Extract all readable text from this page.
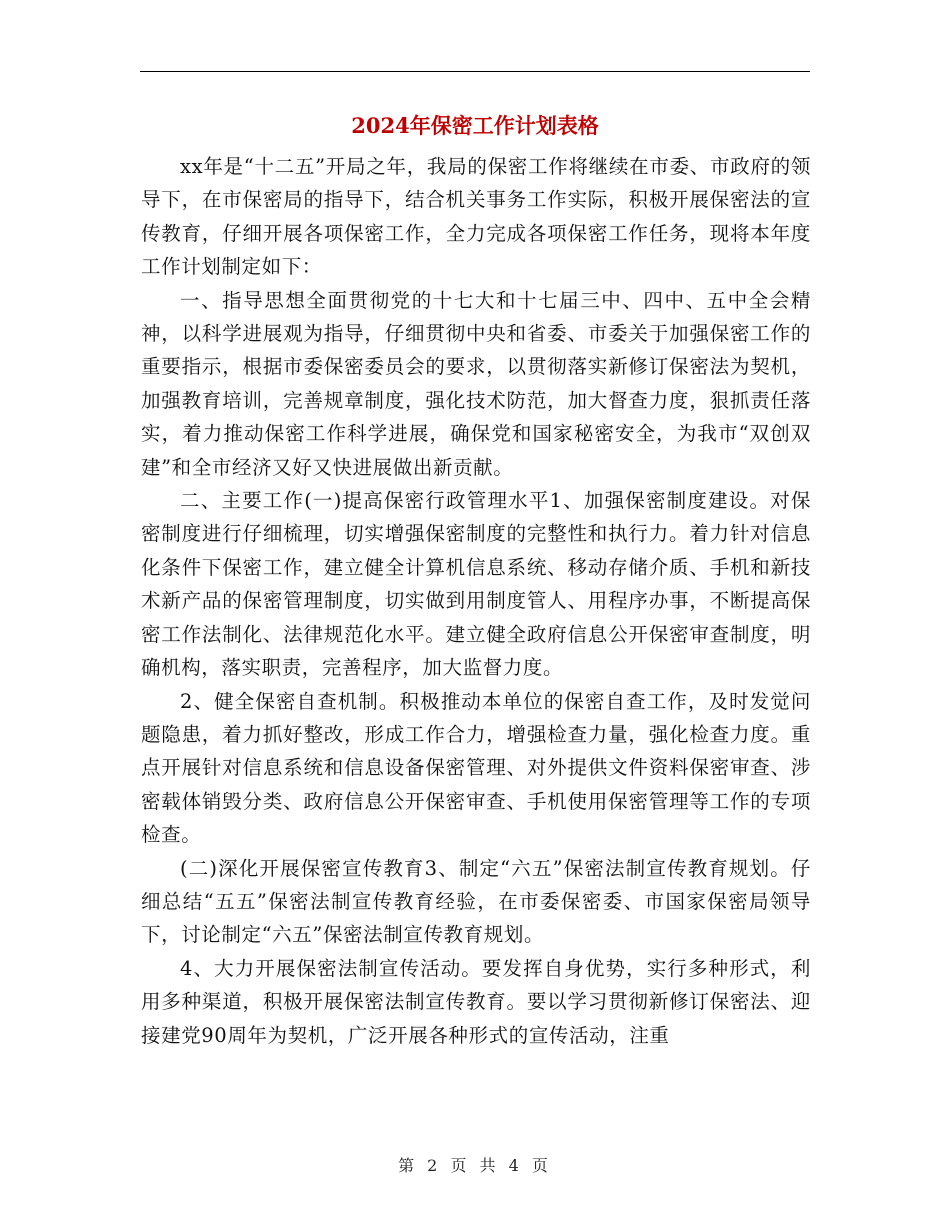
2024年保密工作计划表格

xx年是“十二五”开局之年，我局的保密工作将继续在市委、市政府的领导下，在市保密局的指导下，结合机关事务工作实际，积极开展保密法的宣传教育，仔细开展各项保密工作，全力完成各项保密工作任务，现将本年度工作计划制定如下：

一、指导思想全面贯彻党的十七大和十七届三中、四中、五中全会精神，以科学进展观为指导，仔细贯彻中央和省委、市委关于加强保密工作的重要指示，根据市委保密委员会的要求，以贯彻落实新修订保密法为契机，加强教育培训，完善规章制度，强化技术防范，加大督查力度，狠抓责任落实，着力推动保密工作科学进展，确保党和国家秘密安全，为我市“双创双建”和全市经济又好又快进展做出新贡献。

二、主要工作(一)提高保密行政管理水平1、加强保密制度建设。对保密制度进行仔细梳理，切实增强保密制度的完整性和执行力。着力针对信息化条件下保密工作，建立健全计算机信息系统、移动存储介质、手机和新技术新产品的保密管理制度，切实做到用制度管人、用程序办事，不断提高保密工作法制化、法律规范化水平。建立健全政府信息公开保密审查制度，明确机构，落实职责，完善程序，加大监督力度。

2、健全保密自查机制。积极推动本单位的保密自查工作，及时发觉问题隐患，着力抓好整改，形成工作合力，增强检查力量，强化检查力度。重点开展针对信息系统和信息设备保密管理、对外提供文件资料保密审查、涉密载体销毁分类、政府信息公开保密审查、手机使用保密管理等工作的专项检查。

(二)深化开展保密宣传教育3、制定“六五”保密法制宣传教育规划。仔细总结“五五”保密法制宣传教育经验，在市委保密委、市国家保密局领导下，讨论制定“六五”保密法制宣传教育规划。

4、大力开展保密法制宣传活动。要发挥自身优势，实行多种形式，利用多种渠道，积极开展保密法制宣传教育。要以学习贯彻新修订保密法、迎接建党90周年为契机，广泛开展各种形式的宣传活动，注重

第 2 页 共 4 页
